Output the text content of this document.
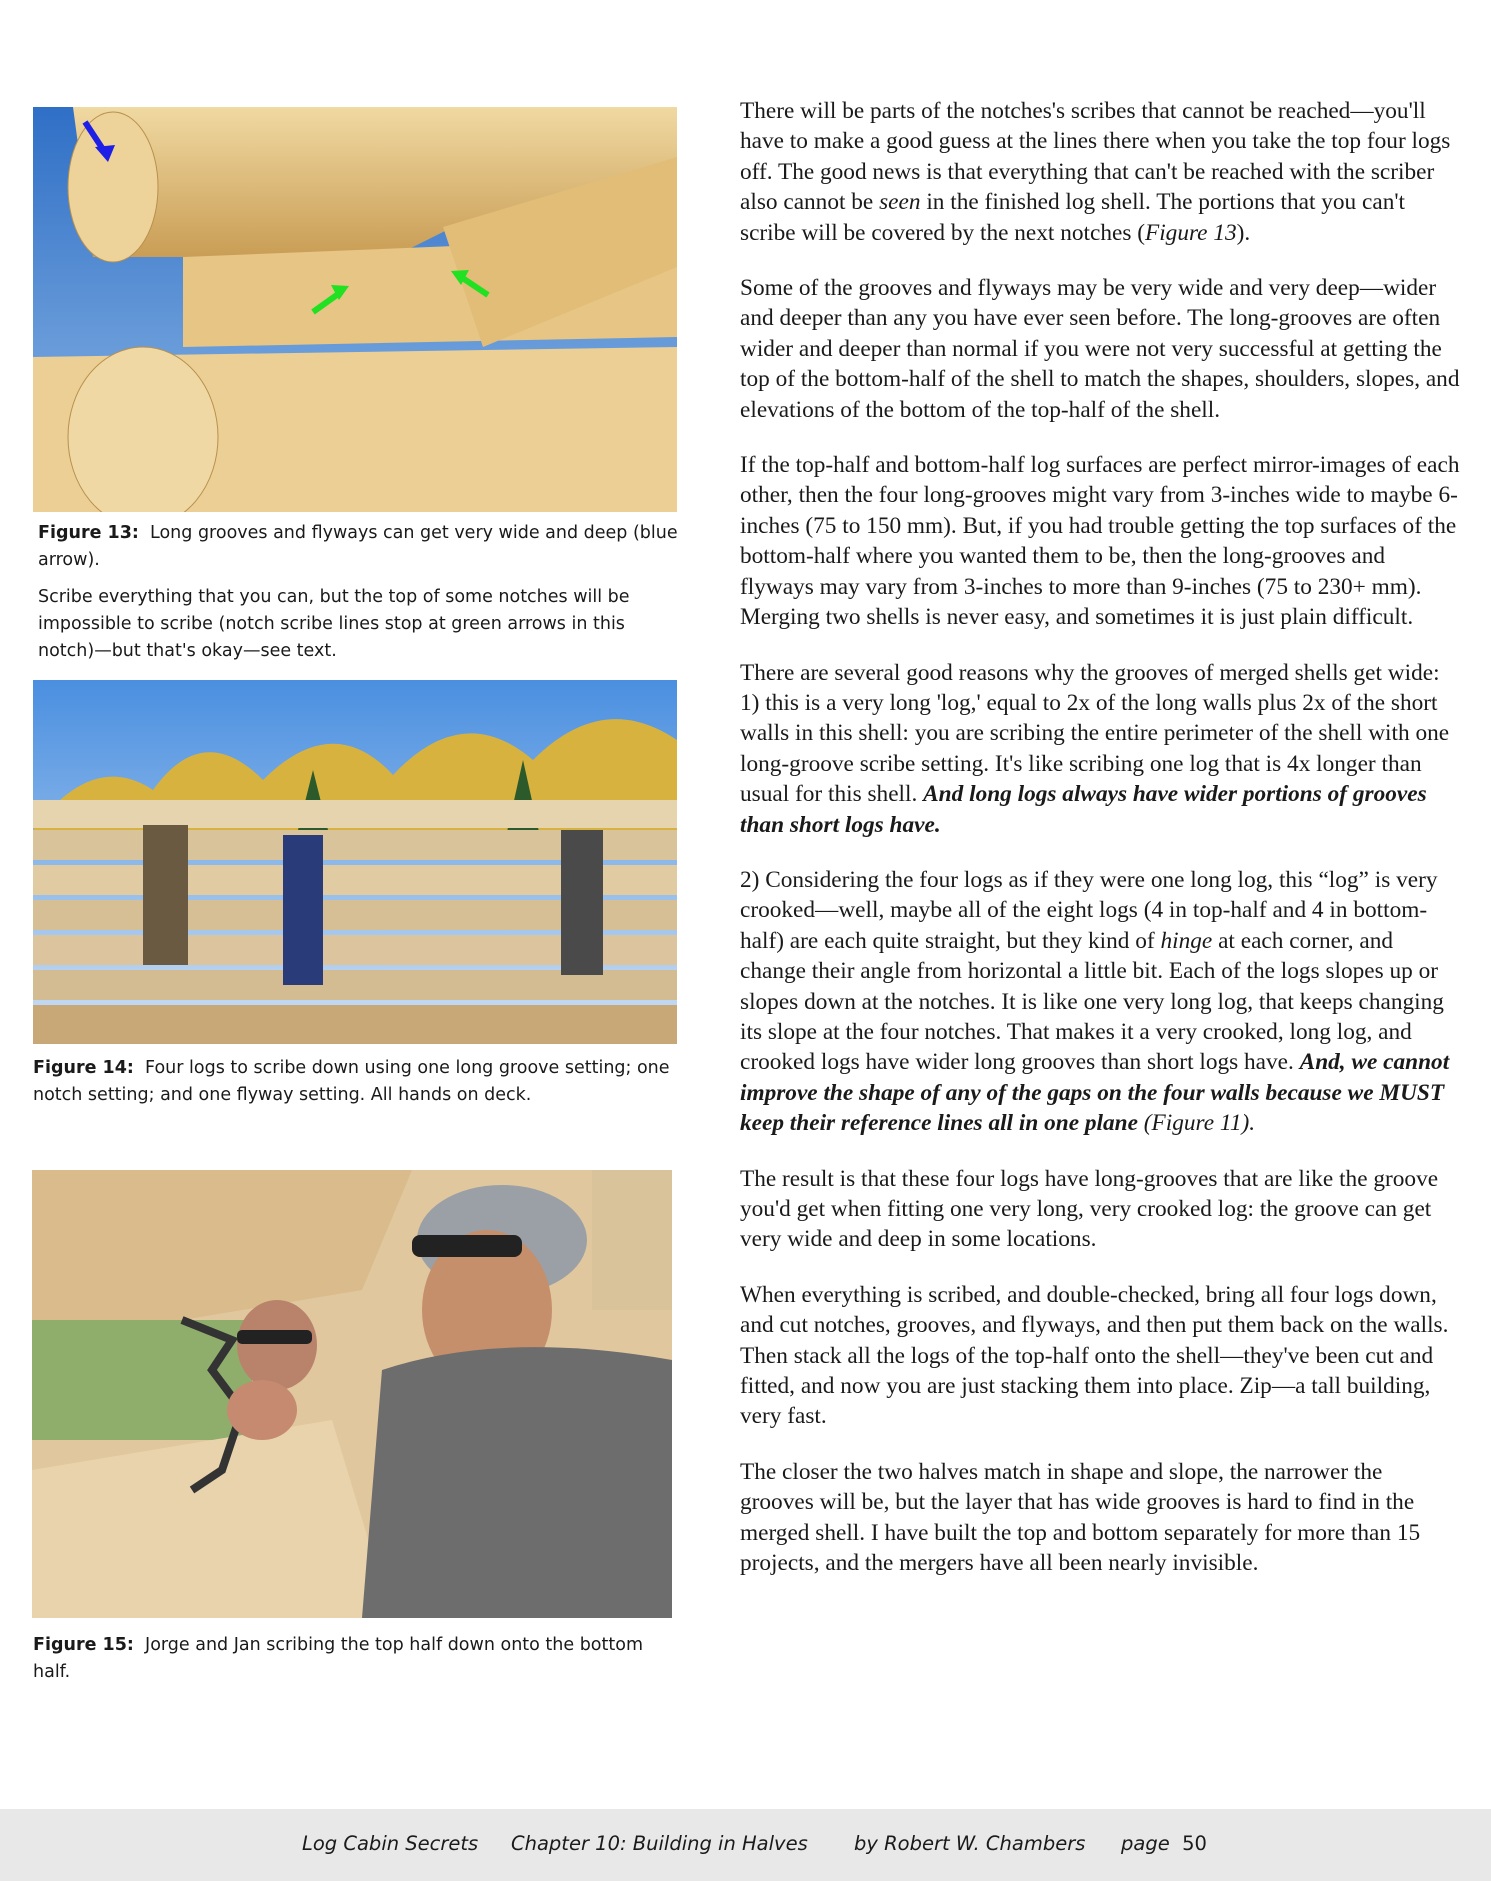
Figure 13: Long grooves and flyways can get very wide and deep (blue arrow).

Scribe everything that you can, but the top of some notches will be impossible to scribe (notch scribe lines stop at green arrows in this notch)—but that's okay—see text.

Figure 14: Four logs to scribe down using one long groove setting; one notch setting; and one flyway setting. All hands on deck.

Figure 15: Jorge and Jan scribing the top half down onto the bottom half.

There will be parts of the notches's scribes that cannot be reached—you'll have to make a good guess at the lines there when you take the top four logs off. The good news is that everything that can't be reached with the scriber also cannot be seen in the finished log shell. The portions that you can't scribe will be covered by the next notches (Figure 13).

Some of the grooves and flyways may be very wide and very deep—wider and deeper than any you have ever seen before. The long-grooves are often wider and deeper than normal if you were not very successful at getting the top of the bottom-half of the shell to match the shapes, shoulders, slopes, and elevations of the bottom of the top-half of the shell.

If the top-half and bottom-half log surfaces are perfect mirror-images of each other, then the four long-grooves might vary from 3-inches wide to maybe 6-inches (75 to 150 mm). But, if you had trouble getting the top surfaces of the bottom-half where you wanted them to be, then the long-grooves and flyways may vary from 3-inches to more than 9-inches (75 to 230+ mm). Merging two shells is never easy, and sometimes it is just plain difficult.

There are several good reasons why the grooves of merged shells get wide: 1) this is a very long 'log,' equal to 2x of the long walls plus 2x of the short walls in this shell: you are scribing the entire perimeter of the shell with one long-groove scribe setting. It's like scribing one log that is 4x longer than usual for this shell. And long logs always have wider portions of grooves than short logs have.

2) Considering the four logs as if they were one long log, this “log” is very crooked—well, maybe all of the eight logs (4 in top-half and 4 in bottom-half) are each quite straight, but they kind of hinge at each corner, and change their angle from horizontal a little bit. Each of the logs slopes up or slopes down at the notches. It is like one very long log, that keeps changing its slope at the four notches. That makes it a very crooked, long log, and crooked logs have wider long grooves than short logs have. And, we cannot improve the shape of any of the gaps on the four walls because we MUST keep their reference lines all in one plane (Figure 11).

The result is that these four logs have long-grooves that are like the groove you'd get when fitting one very long, very crooked log: the groove can get very wide and deep in some locations.

When everything is scribed, and double-checked, bring all four logs down, and cut notches, grooves, and flyways, and then put them back on the walls. Then stack all the logs of the top-half onto the shell—they've been cut and fitted, and now you are just stacking them into place. Zip—a tall building, very fast.

The closer the two halves match in shape and slope, the narrower the grooves will be, but the layer that has wide grooves is hard to find in the merged shell. I have built the top and bottom separately for more than 15 projects, and the mergers have all been nearly invisible.

Log Cabin Secrets Chapter 10: Building in Halves by Robert W. Chambers page 50
